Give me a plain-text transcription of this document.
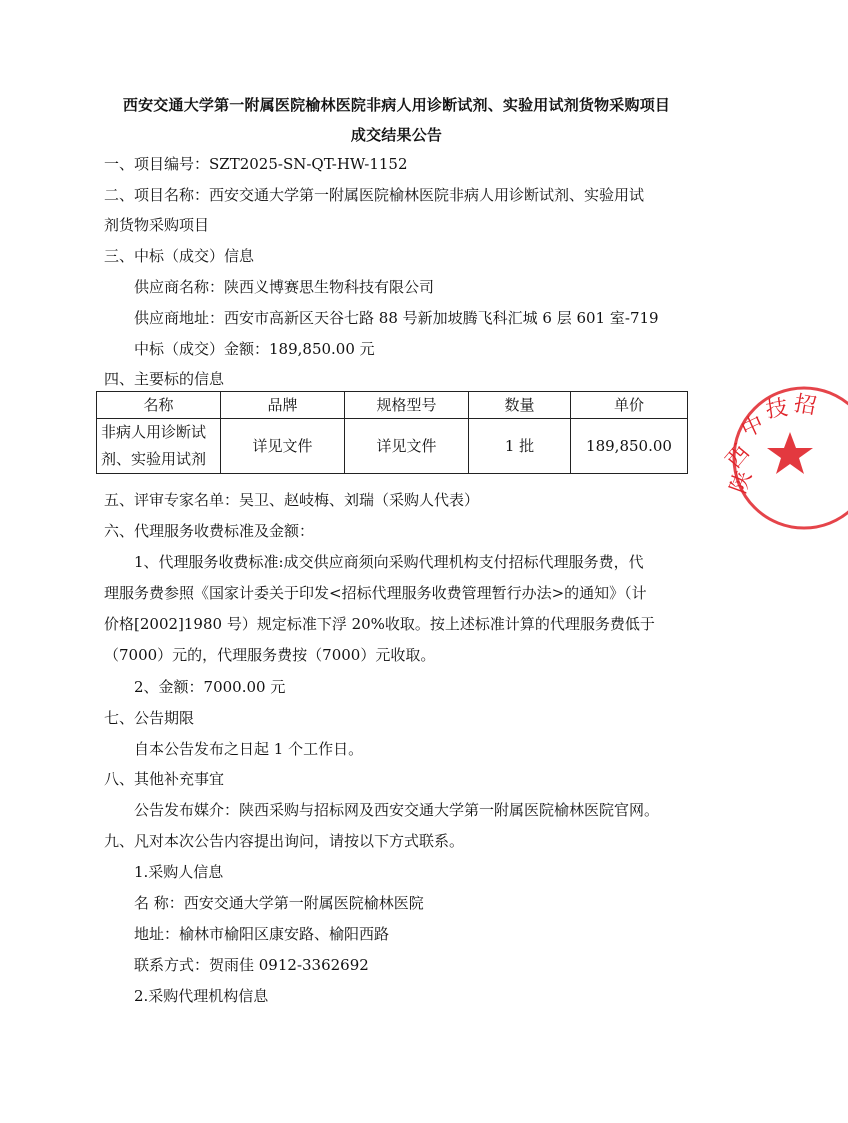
西安交通大学第一附属医院榆林医院非病人用诊断试剂、实验用试剂货物采购项目
成交结果公告
一、项目编号：SZT2025-SN-QT-HW-1152
二、项目名称：西安交通大学第一附属医院榆林医院非病人用诊断试剂、实验用试
剂货物采购项目
三、中标（成交）信息
供应商名称：陕西义博赛思生物科技有限公司
供应商地址：西安市高新区天谷七路 88 号新加坡腾飞科汇城 6 层 601 室-719
中标（成交）金额：189,850.00 元
四、主要标的信息
名称	品牌	规格型号	数量	单价

非病人用诊断试
剂、实验用试剂	详见文件	详见文件	1 批	189,850.00
五、评审专家名单：吴卫、赵岐梅、刘瑞（采购人代表）
六、代理服务收费标准及金额：
1、代理服务收费标准:成交供应商须向采购代理机构支付招标代理服务费，代
理服务费参照《国家计委关于印发<招标代理服务收费管理暂行办法>的通知》（计
价格[2002]1980 号）规定标准下浮 20%收取。按上述标准计算的代理服务费低于
（7000）元的，代理服务费按（7000）元收取。
2、金额：7000.00 元
七、公告期限
自本公告发布之日起 1 个工作日。
八、其他补充事宜
公告发布媒介：陕西采购与招标网及西安交通大学第一附属医院榆林医院官网。
九、凡对本次公告内容提出询问，请按以下方式联系。
1.采购人信息
名 称：西安交通大学第一附属医院榆林医院
地址：榆林市榆阳区康安路、榆阳西路
联系方式：贺雨佳 0912-3362692
2.采购代理机构信息
陕
西
中
技 招
